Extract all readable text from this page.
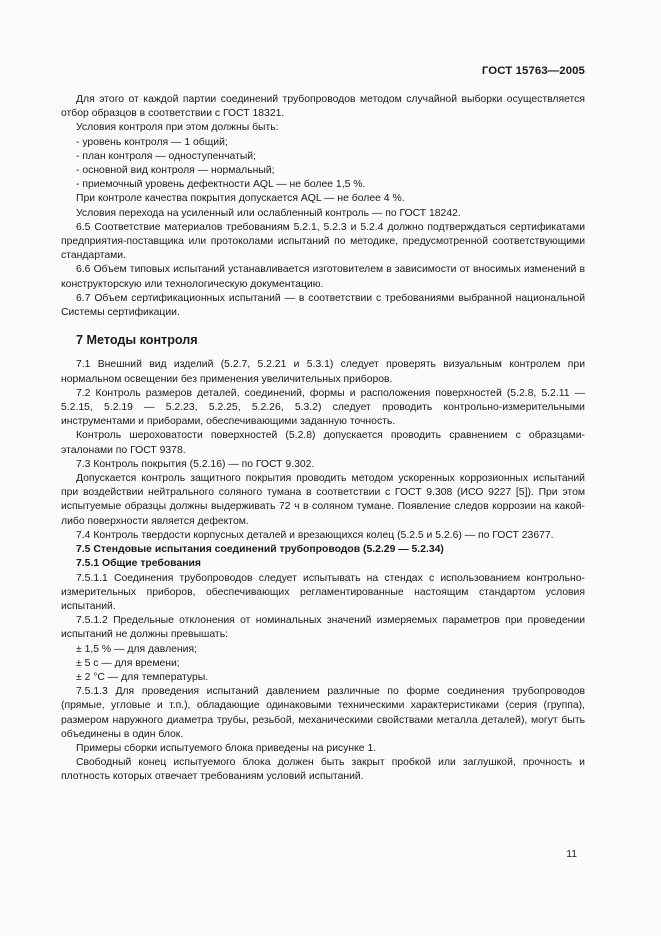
ГОСТ 15763—2005

Для этого от каждой партии соединений трубопроводов методом случайной выборки осуществляется отбор образцов в соответствии с ГОСТ 18321.

Условия контроля при этом должны быть:

- уровень контроля — 1 общий;

- план контроля — одноступенчатый;

- основной вид контроля — нормальный;

- приемочный уровень дефектности AQL — не более 1,5 %.

При контроле качества покрытия допускается AQL — не более 4 %.

Условия перехода на усиленный или ослабленный контроль — по ГОСТ 18242.

6.5 Соответствие материалов требованиям 5.2.1, 5.2.3 и 5.2.4 должно подтверждаться сертификатами предприятия-поставщика или протоколами испытаний по методике, предусмотренной соответствующими стандартами.

6.6 Объем типовых испытаний устанавливается изготовителем в зависимости от вносимых изменений в конструкторскую или технологическую документацию.

6.7 Объем сертификационных испытаний — в соответствии с требованиями выбранной национальной Системы сертификации.

7 Методы контроля

7.1 Внешний вид изделий (5.2.7, 5.2.21 и 5.3.1) следует проверять визуальным контролем при нормальном освещении без применения увеличительных приборов.

7.2 Контроль размеров деталей, соединений, формы и расположения поверхностей (5.2.8, 5.2.11 — 5.2.15, 5.2.19 — 5.2.23, 5.2.25, 5.2.26, 5.3.2) следует проводить контрольно-измерительными инструментами и приборами, обеспечивающими заданную точность.

Контроль шероховатости поверхностей (5.2.8) допускается проводить сравнением с образцами-эталонами по ГОСТ 9378.

7.3 Контроль покрытия (5.2.16) — по ГОСТ 9.302.

Допускается контроль защитного покрытия проводить методом ускоренных коррозионных испытаний при воздействии нейтрального соляного тумана в соответствии с ГОСТ 9.308 (ИСО 9227 [5]). При этом испытуемые образцы должны выдерживать 72 ч в соляном тумане. Появление следов коррозии на какой-либо поверхности является дефектом.

7.4 Контроль твердости корпусных деталей и врезающихся колец (5.2.5 и 5.2.6) — по ГОСТ 23677.

7.5 Стендовые испытания соединений трубопроводов (5.2.29 — 5.2.34)

7.5.1 Общие требования

7.5.1.1 Соединения трубопроводов следует испытывать на стендах с использованием контрольно-измерительных приборов, обеспечивающих регламентированные настоящим стандартом условия испытаний.

7.5.1.2 Предельные отклонения от номинальных значений измеряемых параметров при проведении испытаний не должны превышать:

± 1,5 % — для давления;

± 5 с — для времени;

± 2 °С — для температуры.

7.5.1.3 Для проведения испытаний давлением различные по форме соединения трубопроводов (прямые, угловые и т.п.), обладающие одинаковыми техническими характеристиками (серия (группа), размером наружного диаметра трубы, резьбой, механическими свойствами металла деталей), могут быть объединены в один блок.

Примеры сборки испытуемого блока приведены на рисунке 1.

Свободный конец испытуемого блока должен быть закрыт пробкой или заглушкой, прочность и плотность которых отвечает требованиям условий испытаний.

11
